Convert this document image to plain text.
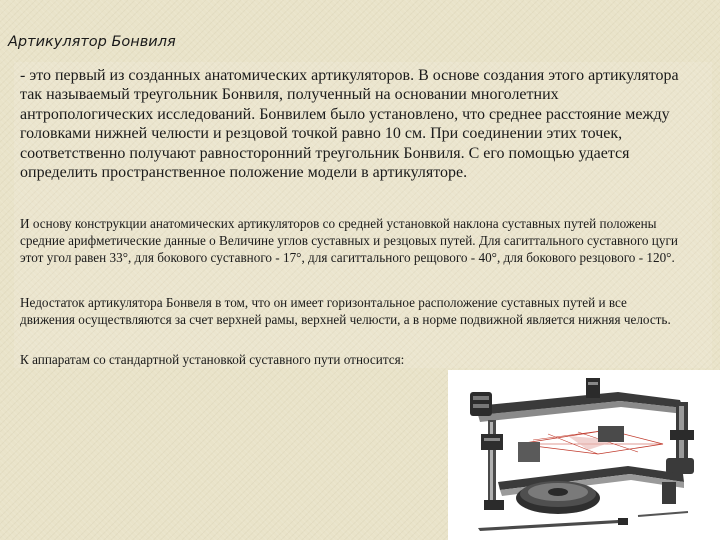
Артикулятор Бонвиля

- это первый из созданных анатомических артикуляторов. В основе создания этого артикулятора так называемый треугольник Бонвиля, полученный на основании многолетних антропологических исследований. Бонвилем было установлено, что среднее расстояние между головками нижней челюсти и резцовой точкой равно 10 см. При соединении этих точек, соответственно получают равносторонний треугольник Бонвиля. С его помощью удается определить пространственное положение модели в артикуляторе.

И основу конструкции анатомических артикуляторов со средней установкой наклона суставных путей положены средние арифметические данные о Величине углов суставных и резцовых путей. Для сагиттального суставного цуги этот угол равен 33°, для бокового суставного - 17°, для сагиттального рещового - 40°, для бокового резцового - 120°.

Недостаток артикулятора Бонвеля в том, что он имеет горизонтальное расположение суставных путей и все движения осуществляются за счет верхней рамы, верхней челюсти, а в норме подвижной является нижняя челость.

К аппаратам со стандартной установкой суставного пути относится:
